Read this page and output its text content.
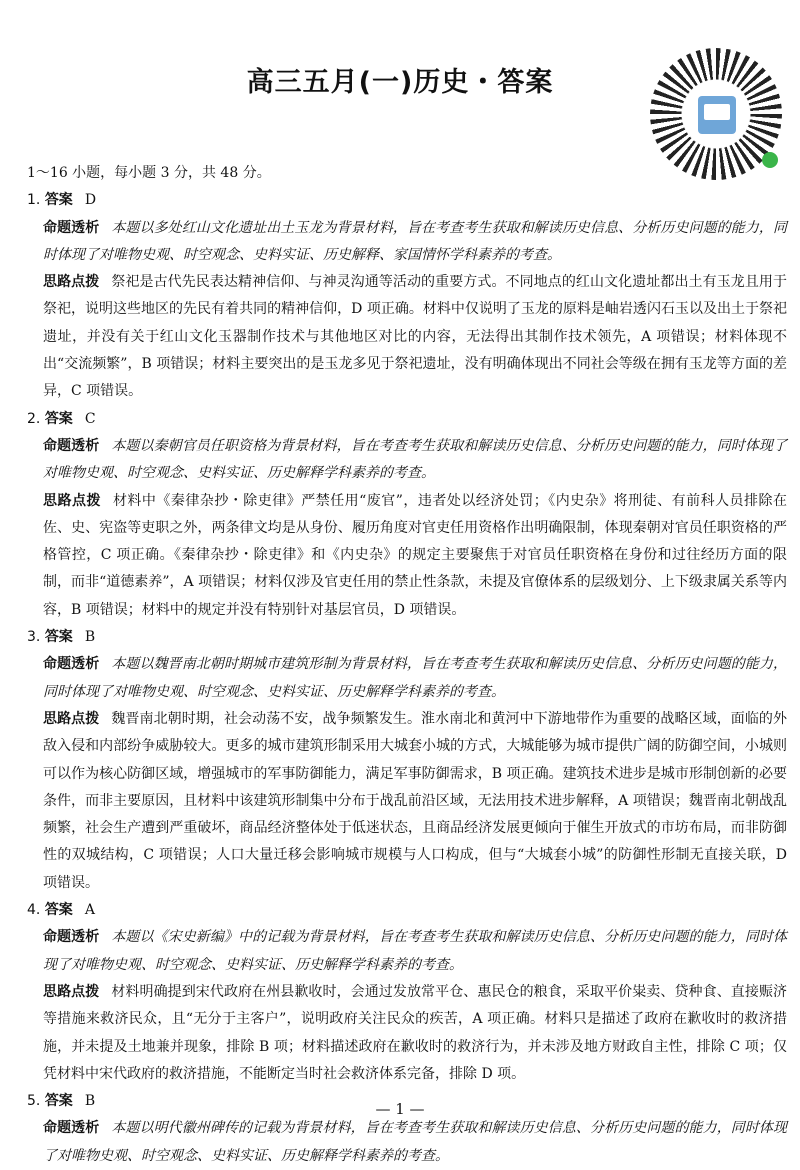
高三五月(一)历史・答案

1～16 小题，每小题 3 分，共 48 分。

1. 答案 D

命题透析 本题以多处红山文化遗址出土玉龙为背景材料，旨在考查考生获取和解读历史信息、分析历史问题的能力，同时体现了对唯物史观、时空观念、史料实证、历史解释、家国情怀学科素养的考查。

思路点拨 祭祀是古代先民表达精神信仰、与神灵沟通等活动的重要方式。不同地点的红山文化遗址都出土有玉龙且用于祭祀，说明这些地区的先民有着共同的精神信仰，D 项正确。材料中仅说明了玉龙的原料是岫岩透闪石玉以及出土于祭祀遗址，并没有关于红山文化玉器制作技术与其他地区对比的内容，无法得出其制作技术领先，A 项错误；材料体现不出“交流频繁”，B 项错误；材料主要突出的是玉龙多见于祭祀遗址，没有明确体现出不同社会等级在拥有玉龙等方面的差异，C 项错误。

2. 答案 C

命题透析 本题以秦朝官员任职资格为背景材料，旨在考查考生获取和解读历史信息、分析历史问题的能力，同时体现了对唯物史观、时空观念、史料实证、历史解释学科素养的考查。

思路点拨 材料中《秦律杂抄・除吏律》严禁任用“废官”，违者处以经济处罚；《内史杂》将刑徒、有前科人员排除在佐、史、宪盗等吏职之外，两条律文均是从身份、履历角度对官吏任用资格作出明确限制，体现秦朝对官员任职资格的严格管控，C 项正确。《秦律杂抄・除吏律》和《内史杂》的规定主要聚焦于对官员任职资格在身份和过往经历方面的限制，而非“道德素养”，A 项错误；材料仅涉及官吏任用的禁止性条款，未提及官僚体系的层级划分、上下级隶属关系等内容，B 项错误；材料中的规定并没有特别针对基层官员，D 项错误。

3. 答案 B

命题透析 本题以魏晋南北朝时期城市建筑形制为背景材料，旨在考查考生获取和解读历史信息、分析历史问题的能力，同时体现了对唯物史观、时空观念、史料实证、历史解释学科素养的考查。

思路点拨 魏晋南北朝时期，社会动荡不安，战争频繁发生。淮水南北和黄河中下游地带作为重要的战略区域，面临的外敌入侵和内部纷争威胁较大。更多的城市建筑形制采用大城套小城的方式，大城能够为城市提供广阔的防御空间，小城则可以作为核心防御区域，增强城市的军事防御能力，满足军事防御需求，B 项正确。建筑技术进步是城市形制创新的必要条件，而非主要原因，且材料中该建筑形制集中分布于战乱前沿区域，无法用技术进步解释，A 项错误；魏晋南北朝战乱频繁，社会生产遭到严重破坏，商品经济整体处于低迷状态，且商品经济发展更倾向于催生开放式的市坊布局，而非防御性的双城结构，C 项错误；人口大量迁移会影响城市规模与人口构成，但与“大城套小城”的防御性形制无直接关联，D 项错误。

4. 答案 A

命题透析 本题以《宋史新编》中的记载为背景材料，旨在考查考生获取和解读历史信息、分析历史问题的能力，同时体现了对唯物史观、时空观念、史料实证、历史解释学科素养的考查。

思路点拨 材料明确提到宋代政府在州县歉收时，会通过发放常平仓、惠民仓的粮食，采取平价粜卖、贷种食、直接赈济等措施来救济民众，且“无分于主客户”，说明政府关注民众的疾苦，A 项正确。材料只是描述了政府在歉收时的救济措施，并未提及土地兼并现象，排除 B 项；材料描述政府在歉收时的救济行为，并未涉及地方财政自主性，排除 C 项；仅凭材料中宋代政府的救济措施，不能断定当时社会救济体系完备，排除 D 项。

5. 答案 B

命题透析 本题以明代徽州碑传的记载为背景材料，旨在考查考生获取和解读历史信息、分析历史问题的能力，同时体现了对唯物史观、时空观念、史料实证、历史解释学科素养的考查。

— 1 —
